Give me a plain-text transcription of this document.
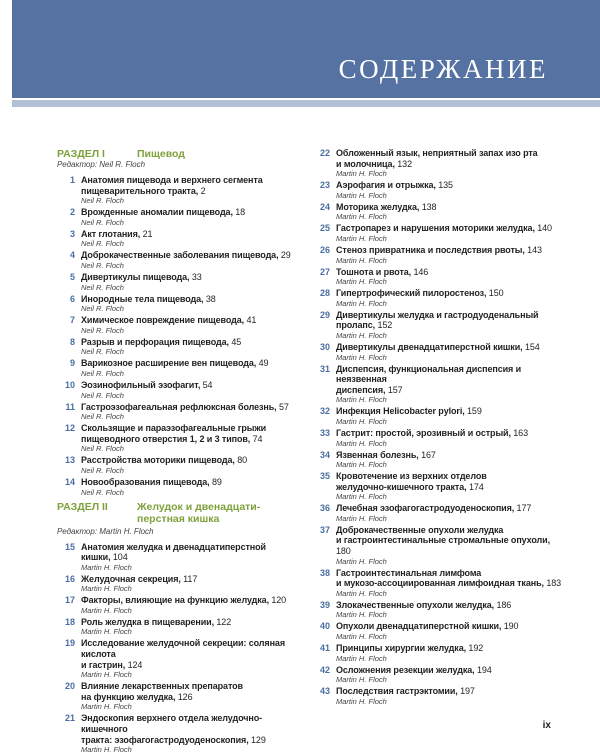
СОДЕРЖАНИЕ
РАЗДЕЛ I	Пищевод
Редактор: Neil R. Floch
1 Анатомия пищевода и верхнего сегмента
пищеварительного тракта, 2
Neil R. Floch
2 Врожденные аномалии пищевода, 18
Neil R. Floch
3 Акт глотания, 21
Neil R. Floch
4 Доброкачественные заболевания пищевода, 29
Neil R. Floch
5 Дивертикулы пищевода, 33
Neil R. Floch
6 Инородные тела пищевода, 38
Neil R. Floch
7 Химическое повреждение пищевода, 41
Neil R. Floch
8 Разрыв и перфорация пищевода, 45
Neil R. Floch
9 Варикозное расширение вен пищевода, 49
Neil R. Floch
10 Эозинофильный эзофагит, 54
Neil R. Floch
11 Гастроэзофагеальная рефлюксная болезнь, 57
Neil R. Floch
12 Скользящие и параэзофагеальные грыжи
пищеводного отверстия 1, 2 и 3 типов, 74
Neil R. Floch
13 Расстройства моторики пищевода, 80
Neil R. Floch
14 Новообразования пищевода, 89
Neil R. Floch
РАЗДЕЛ II	Желудок и двенадцати-
перстная кишка
Редактор: Martin H. Floch
15 Анатомия желудка и двенадцатиперстной кишки, 104
Martin H. Floch
16 Желудочная секреция, 117
Martin H. Floch
17 Факторы, влияющие на функцию желудка, 120
Martin H. Floch
18 Роль желудка в пищеварении, 122
Martin H. Floch
19 Исследование желудочной секреции: соляная кислота
и гастрин, 124
Martin H. Floch
20 Влияние лекарственных препаратов
на функцию желудка, 126
Martin H. Floch
21 Эндоскопия верхнего отдела желудочно-кишечного
тракта: эзофагогастродуоденоскопия, 129
Martin H. Floch
22 Обложенный язык, неприятный запах изо рта
и молочница, 132
Martin H. Floch
23 Аэрофагия и отрыжка, 135
Martin H. Floch
24 Моторика желудка, 138
Martin H. Floch
25 Гастропарез и нарушения моторики желудка, 140
Martin H. Floch
26 Стеноз привратника и последствия рвоты, 143
Martin H. Floch
27 Тошнота и рвота, 146
Martin H. Floch
28 Гипертрофический пилоростеноз, 150
Martin H. Floch
29 Дивертикулы желудка и гастродуоденальный
пролапс, 152
Martin H. Floch
30 Дивертикулы двенадцатиперстной кишки, 154
Martin H. Floch
31 Диспепсия, функциональная диспепсия и неязвенная
диспепсия, 157
Martin H. Floch
32 Инфекция Helicobacter pylori, 159
Martin H. Floch
33 Гастрит: простой, эрозивный и острый, 163
Martin H. Floch
34 Язвенная болезнь, 167
Martin H. Floch
35 Кровотечение из верхних отделов
желудочно-кишечного тракта, 174
Martin H. Floch
36 Лечебная эзофагогастродуоденоскопия, 177
Martin H. Floch
37 Доброкачественные опухоли желудка
и гастроинтестинальные стромальные опухоли, 180
Martin H. Floch
38 Гастроинтестинальная лимфома
и мукозо-ассоциированная лимфоидная ткань, 183
Martin H. Floch
39 Злокачественные опухоли желудка, 186
Martin H. Floch
40 Опухоли двенадцатиперстной кишки, 190
Martin H. Floch
41 Принципы хирургии желудка, 192
Martin H. Floch
42 Осложнения резекции желудка, 194
Martin H. Floch
43 Последствия гастрэктомии, 197
Martin H. Floch
ix
